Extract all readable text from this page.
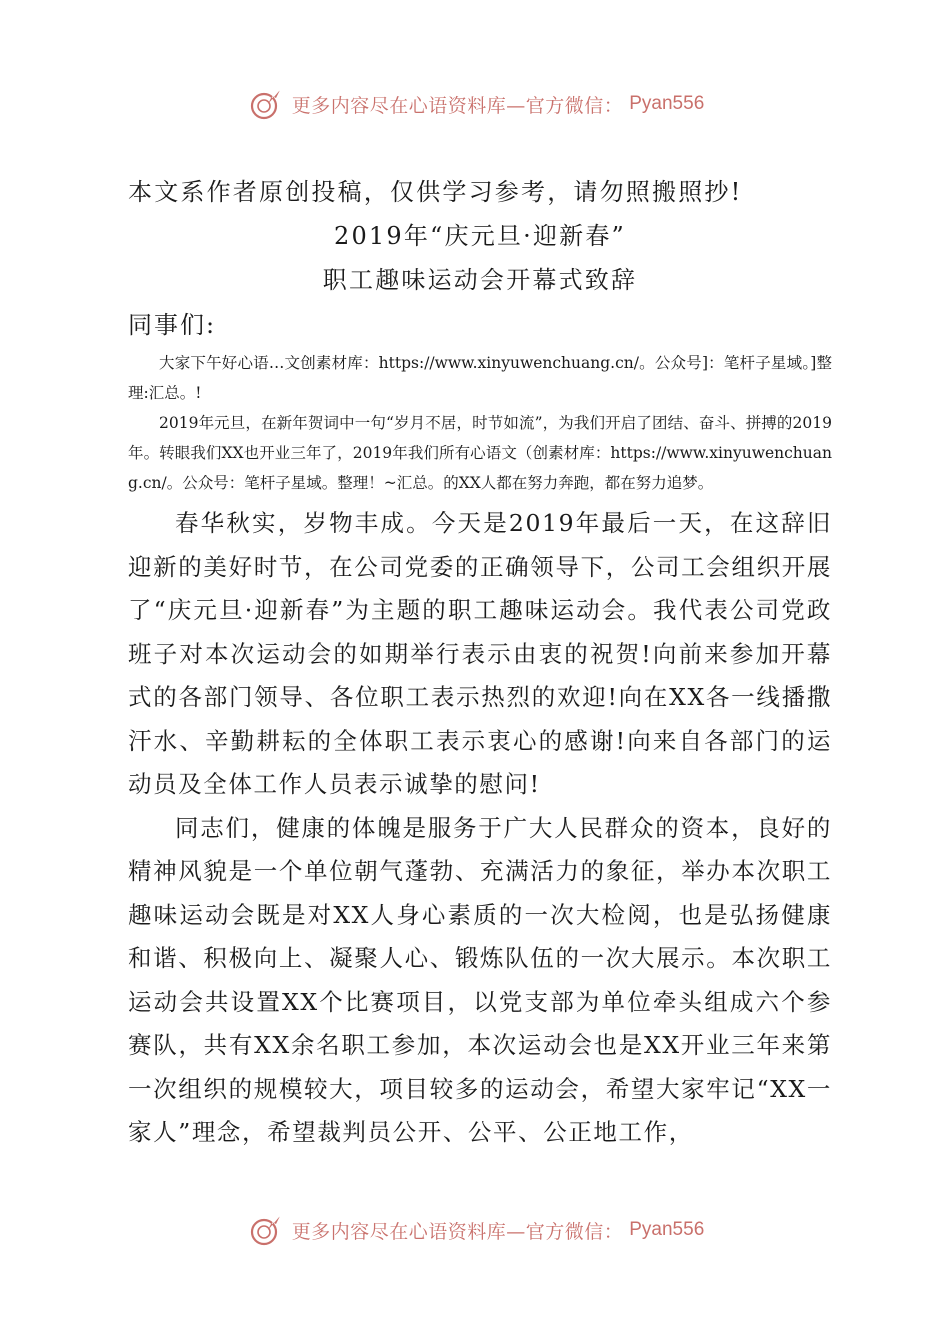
更多内容尽在心语资料库—官方微信： Pyan556
本文系作者原创投稿，仅供学习参考，请勿照搬照抄!
2019年“庆元旦·迎新春”
职工趣味运动会开幕式致辞
同事们:

大家下午好心语…文创素材库：https://www.xinyuwenchuang.cn/。公众号]：笔杆子星域。]整理:汇总。!

2019年元旦，在新年贺词中一句“岁月不居，时节如流”，为我们开启了团结、奋斗、拼搏的2019年。转眼我们XX也开业三年了，2019年我们所有心语文（创素材库：https://www.xinyuwenchuang.cn/。公众号：笔杆子星域。整理！~汇总。的XX人都在努力奔跑，都在努力追梦。

春华秋实，岁物丰成。今天是2019年最后一天，在这辞旧迎新的美好时节，在公司党委的正确领导下，公司工会组织开展了“庆元旦·迎新春”为主题的职工趣味运动会。我代表公司党政班子对本次运动会的如期举行表示由衷的祝贺!向前来参加开幕式的各部门领导、各位职工表示热烈的欢迎!向在XX各一线播撒汗水、辛勤耕耘的全体职工表示衷心的感谢!向来自各部门的运动员及全体工作人员表示诚挚的慰问!

同志们，健康的体魄是服务于广大人民群众的资本，良好的精神风貌是一个单位朝气蓬勃、充满活力的象征，举办本次职工趣味运动会既是对XX人身心素质的一次大检阅，也是弘扬健康和谐、积极向上、凝聚人心、锻炼队伍的一次大展示。本次职工运动会共设置XX个比赛项目，以党支部为单位牵头组成六个参赛队，共有XX余名职工参加，本次运动会也是XX开业三年来第一次组织的规模较大，项目较多的运动会，希望大家牢记“XX一家人”理念，希望裁判员公开、公平、公正地工作，

更多内容尽在心语资料库—官方微信： Pyan556
